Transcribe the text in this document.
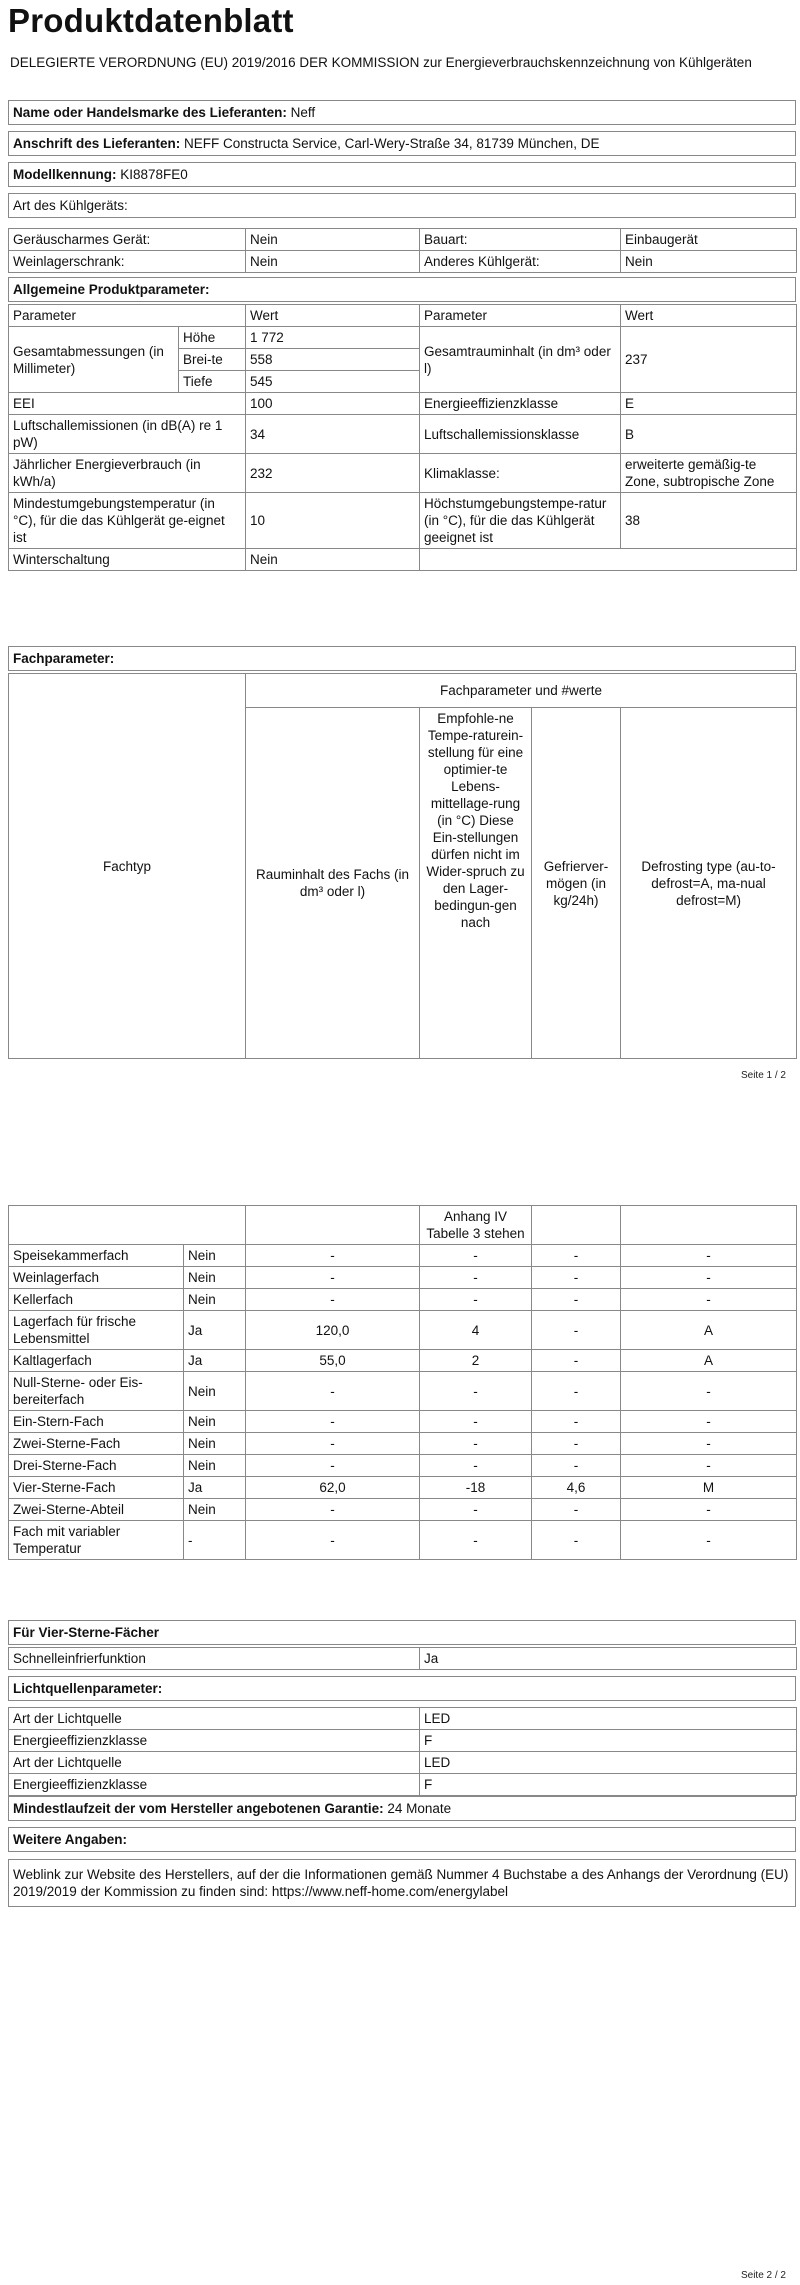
Produktdatenblatt
DELEGIERTE VERORDNUNG (EU) 2019/2016 DER KOMMISSION zur Energieverbrauchskennzeichnung von Kühlgeräten
Name oder Handelsmarke des Lieferanten: Neff
Anschrift des Lieferanten: NEFF Constructa Service, Carl-Wery-Straße 34, 81739 München, DE
Modellkennung: KI8878FE0
Art des Kühlgeräts:
Geräuscharmes Gerät:	Nein	Bauart:	Einbaugerät
Weinlagerschrank:	Nein	Anderes Kühlgerät:	Nein
Allgemeine Produktparameter:
Parameter		Wert	Parameter	Wert
Gesamtabmessungen (in Millimeter)	Höhe	1 772	Gesamtrauminhalt (in dm³ oder l)	237
	Brei-te	558		
	Tiefe	545		
EEI		100	Energieeffizienzklasse	E
Luftschallemissionen (in dB(A) re 1 pW)		34	Luftschallemissionsklasse	B
Jährlicher Energieverbrauch (in kWh/a)		232	Klimaklasse:	erweiterte gemäßig-te Zone, subtropische Zone
Mindestumgebungstemperatur (in °C), für die das Kühlgerät ge-eignet ist		10	Höchstumgebungstempe-ratur (in °C), für die das Kühlgerät geeignet ist	38
Winterschaltung		Nein		
Fachparameter:
Fachtyp	Fachparameter und #werte			
	Rauminhalt des Fachs (in dm³ oder l)	Empfohle-ne Tempe-raturein-stellung für eine optimier-te Lebens-mittellage-rung (in °C) Diese Ein-stellungen dürfen nicht im Wider-spruch zu den Lager-bedingun-gen nach	Gefrierver-mögen (in kg/24h)	Defrosting type (au-to-defrost=A, ma-nual defrost=M)
Seite 1 / 2
			Anhang IV Tabelle 3 stehen		
Speisekammerfach	Nein	-	-	-	-
Weinlagerfach	Nein	-	-	-	-
Kellerfach	Nein	-	-	-	-
Lagerfach für frische Lebensmittel	Ja	120,0	4	-	A
Kaltlagerfach	Ja	55,0	2	-	A
Null-Sterne- oder Eis-bereiterfach	Nein	-	-	-	-
Ein-Stern-Fach	Nein	-	-	-	-
Zwei-Sterne-Fach	Nein	-	-	-	-
Drei-Sterne-Fach	Nein	-	-	-	-
Vier-Sterne-Fach	Ja	62,0	-18	4,6	M
Zwei-Sterne-Abteil	Nein	-	-	-	-
Fach mit variabler Temperatur	-	-	-	-	-
Für Vier-Sterne-Fächer
Schnelleinfrierfunktion	Ja
Lichtquellenparameter:
Art der Lichtquelle	LED
Energieeffizienzklasse	F
Art der Lichtquelle	LED
Energieeffizienzklasse	F
Mindestlaufzeit der vom Hersteller angebotenen Garantie: 24 Monate
Weitere Angaben:
Weblink zur Website des Herstellers, auf der die Informationen gemäß Nummer 4 Buchstabe a des Anhangs der Verordnung (EU) 2019/2019 der Kommission zu finden sind: https://www.neff-home.com/energylabel
Seite 2 / 2
